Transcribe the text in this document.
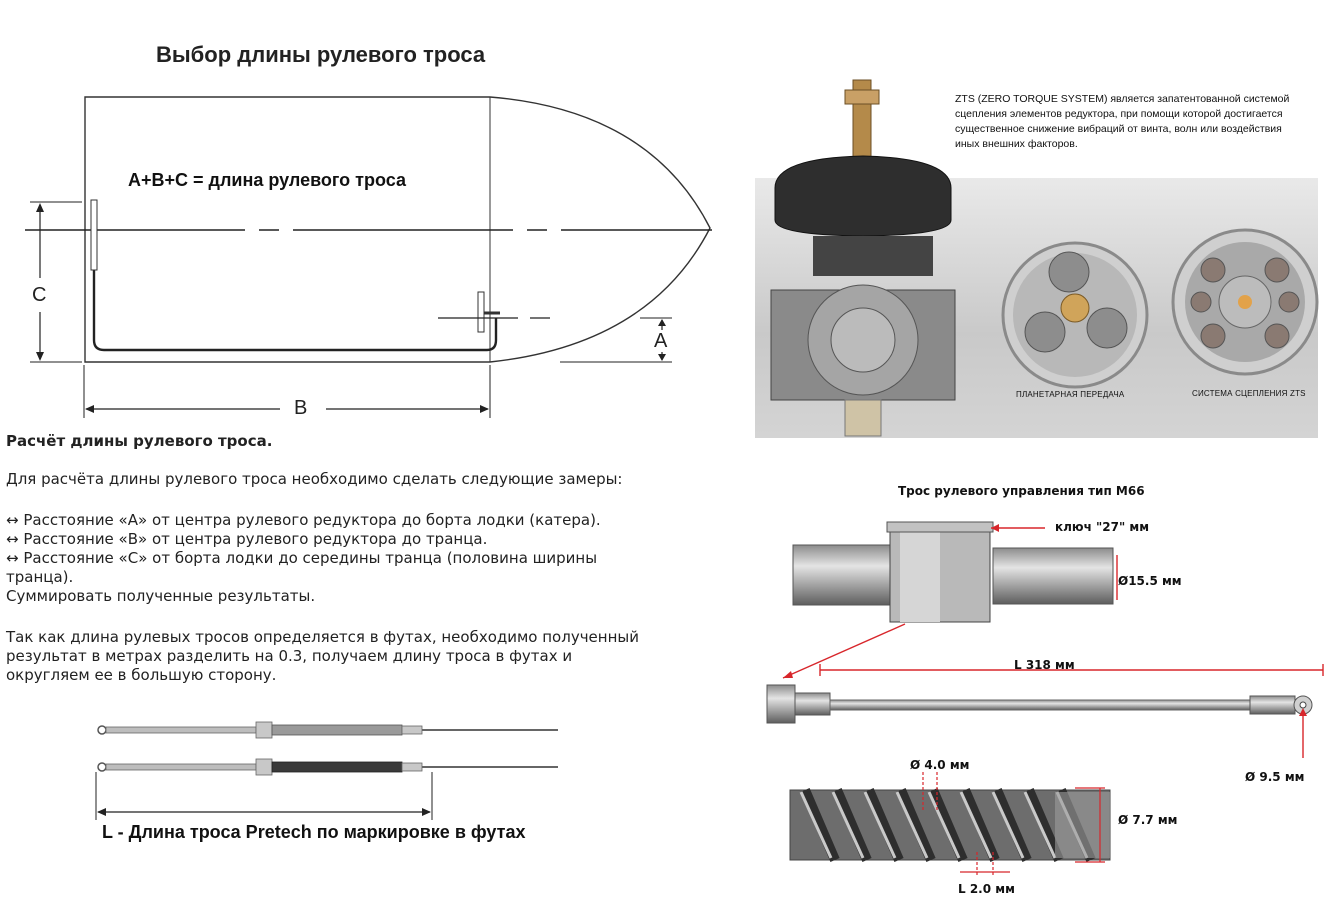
Выбор длины рулевого троса
A+B+C = длина рулевого троса
C
A
B
Расчёт длины рулевого троса.
Для расчёта длины рулевого троса необходимо сделать следующие замеры:

↔ Расстояние «А» от центра рулевого редуктора до борта лодки (катера).

↔ Расстояние «В» от центра рулевого редуктора до транца.

↔ Расстояние «С» от борта лодки до середины транца (половина ширины

транца).

Суммировать полученные результаты.

Так как длина рулевых тросов определяется в футах, необходимо полученный

результат в метрах разделить на 0.3, получаем длину троса в футах и

округляем ее в большую сторону.

L - Длина троса Pretech по маркировке в футах
ZTS (ZERO TORQUE SYSTEM) является запатентованной системой
сцепления элементов редуктора, при помощи которой достигается
существенное снижение вибраций от винта, волн или воздействия
иных внешних факторов.
ПЛАНЕТАРНАЯ ПЕРЕДАЧА	СИСТЕМА СЦЕПЛЕНИЯ ZTS
Трос рулевого управления тип М66
ключ "27" мм
Ø15.5 мм
L 318 мм
Ø 9.5 мм
Ø 4.0 мм
Ø 7.7 мм
L 2.0 мм
